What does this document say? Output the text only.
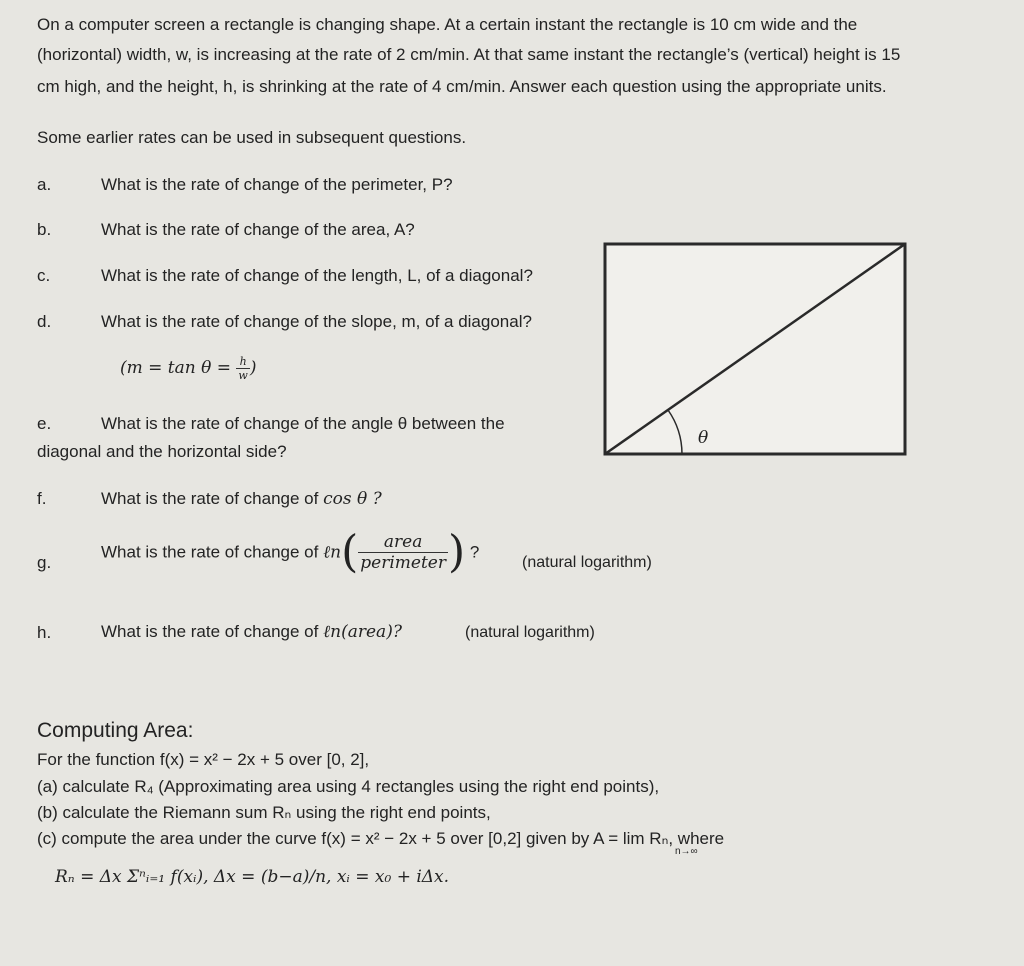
On a computer screen a rectangle is changing shape. At a certain instant the rectangle is 10 cm wide and the
(horizontal) width, w, is increasing at the rate of 2 cm/min. At that same instant the rectangle’s (vertical) height is 15
cm high, and the height, h, is shrinking at the rate of 4 cm/min. Answer each question using the appropriate units.
Some earlier rates can be used in subsequent questions.
a.	What is the rate of change of the perimeter, P?
b.	What is the rate of change of the area, A?
c.	What is the rate of change of the length, L, of a diagonal?
d.	What is the rate of change of the slope, m, of a diagonal?
($m = \tan \theta = \frac{h}{w}$ )
e.	What is the rate of change of the angle θ between the
diagonal and the horizontal side?
f.	What is the rate of change of cos θ ?
g.
What is the rate of change of ℓn( $\frac{\text{area}}{\text{perimeter}}$ ) ?
(natural logarithm)
h.	What is the rate of change of ℓn(area)?	(natural logarithm)
θ
Computing Area:
For the function f(x) = x² − 2x + 5 over [0, 2],
(a) calculate R₄ (Approximating area using 4 rectangles using the right end points),
(b) calculate the Riemann sum Rₙ using the right end points,
(c) compute the area under the curve f(x) = x² − 2x + 5 over [0,2] given by A = lim Rₙ, where
n→∞
Rₙ = Δx Σⁿᵢ₌₁ f(xᵢ), Δx = (b−a)/n, xᵢ = x₀ + iΔx.
